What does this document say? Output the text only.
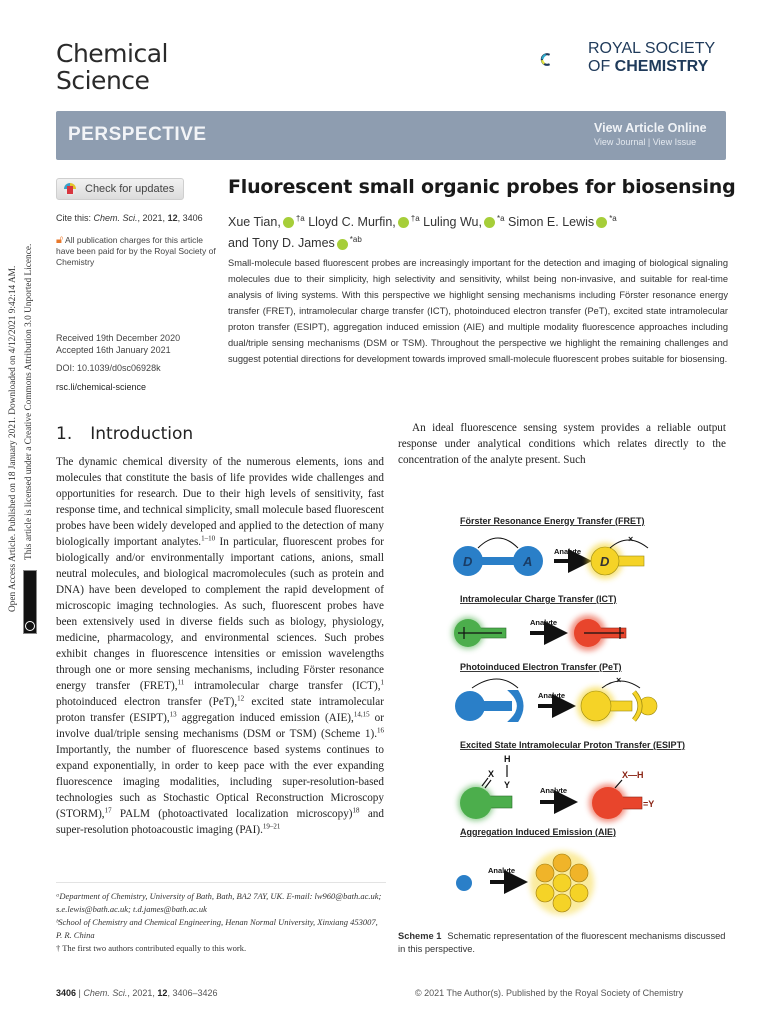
Chemical
Science
ROYAL SOCIETY
OF CHEMISTRY
PERSPECTIVE	View Article Online
View Journal | View Issue
Check for updates
Cite this: Chem. Sci., 2021, 12, 3406
🔓︎ All publication charges for this article have been paid for by the Royal Society of Chemistry
Received 19th December 2020
Accepted 16th January 2021
DOI: 10.1039/d0sc06928k
rsc.li/chemical-science
Open Access Article. Published on 18 January 2021. Downloaded on 4/12/2021 9:42:14 AM. This article is licensed under a Creative Commons Attribution 3.0 Unported Licence.
Fluorescent small organic probes for biosensing
Xue Tian, $^{\dagger a}$ Lloyd C. Murfin, $^{\dagger a}$ Luling Wu, $^{*a}$ Simon E. Lewis $^{*a}$
and Tony D. James $^{*ab}$
Small-molecule based fluorescent probes are increasingly important for the detection and imaging of biological signaling molecules due to their simplicity, high selectivity and sensitivity, whilst being non-invasive, and suitable for real-time analysis of living systems. With this perspective we highlight sensing mechanisms including Förster resonance energy transfer (FRET), intramolecular charge transfer (ICT), photoinduced electron transfer (PeT), excited state intramolecular proton transfer (ESIPT), aggregation induced emission (AIE) and multiple modality fluorescence approaches including dual/triple sensing mechanisms (DSM or TSM). Throughout the perspective we highlight the remaining challenges and suggest potential directions for development towards improved small-molecule fluorescent probes suitable for biosensing.
1. Introduction
The dynamic chemical diversity of the numerous elements, ions and molecules that constitute the basis of life provides wide challenges and opportunities for research. Due to their high levels of sensitivity, fast response time, and technical simplicity, small molecule based fluorescent probes have been widely developed and applied to the detection of many biologically important analytes.$^{1-10}$ In particular, fluorescent probes for biologically and/or environmentally important cations, anions, small neutral molecules, and biological macromolecules (such as protein and DNA) have been developed to complement the rapid development of microscopic imaging technologies. As such, fluorescent probes have been extensively used in diverse fields such as biology, physiology, medicine, pharmacology, and environmental sciences. Such probes exhibit changes in fluorescence intensities or emission wavelengths through one or more sensing mechanisms, including Förster resonance energy transfer (FRET),$^{11}$ intramolecular charge transfer (ICT),$^1$ photoinduced electron transfer (PeT),$^{12}$ excited state intramolecular proton transfer (ESIPT),$^{13}$ aggregation induced emission (AIE),$^{14,15}$ or involve dual/triple sensing mechanisms (DSM or TSM) (Scheme 1).$^{16}$ Importantly, the number of fluorescence based systems continues to expand exponentially, in order to keep pace with the ever expanding fluorescence imaging modalities, including super-resolution-based technologies such as Stochastic Optical Reconstruction Microscopy (STORM),$^{17}$ PALM (photoactivated localization microscopy)$^{18}$ and super-resolution photoacoustic imaging (PAI).$^{19-21}$
ᵃDepartment of Chemistry, University of Bath, Bath, BA2 7AY, UK. E-mail: lw960@bath.ac.uk; s.e.lewis@bath.ac.uk; t.d.james@bath.ac.uk
ᵇSchool of Chemistry and Chemical Engineering, Henan Normal University, Xinxiang 453007, P. R. China
† The first two authors contributed equally to this work.
An ideal fluorescence sensing system provides a reliable output response under analytical conditions which relates directly to the concentration of the analyte present. Such
Förster Resonance Energy Transfer (FRET)
D	A
Analyte
D
×
Intramolecular Charge Transfer (ICT)
Analyte
Photoinduced Electron Transfer (PeT)
Analyte
×
Excited State Intramolecular Proton Transfer (ESIPT)
X
H
Y
Analyte
X—H
=Y
Aggregation Induced Emission (AIE)
Analyte
Scheme 1 Schematic representation of the fluorescent mechanisms discussed in this perspective.
3406 | Chem. Sci., 2021, 12, 3406–3426	© 2021 The Author(s). Published by the Royal Society of Chemistry
